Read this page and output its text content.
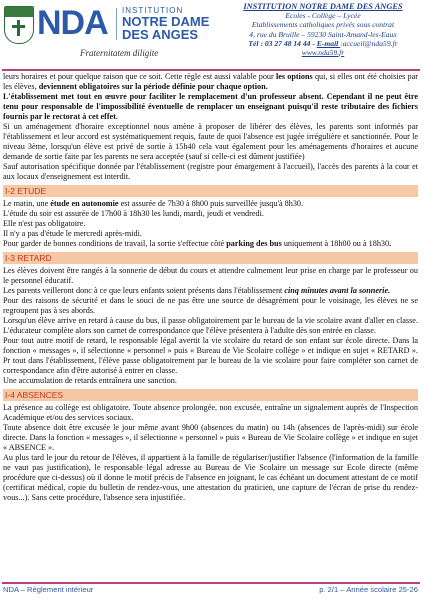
NDA INSTITUTION
NOTRE DAME DES ANGES
Fraternitatem diligite
INSTITUTION NOTRE DAME DES ANGES
Ecoles - Collège – Lycée
Etablissements catholiques privés sous contrat
4, rue du Bruille – 59230 Saint-Amand-les-Eaux
Tél : 03 27 48 14 44 - E-mail :accueil@nda59.fr
www.nda59.fr

leurs horaires et pour quelque raison que ce soit. Cette règle est aussi valable pour les options qui, si elles ont été choisies par les élèves, deviennent obligatoires sur la période définie pour chaque option.

L'établissement met tout en œuvre pour faciliter le remplacement d'un professeur absent. Cependant il ne peut être tenu pour responsable de l'impossibilité éventuelle de remplacer un enseignant puisqu'il reste tributaire des fichiers fournis par le rectorat à cet effet.

Si un aménagement d'horaire exceptionnel nous amène à proposer de libérer des élèves, les parents sont informés par l'établissement et leur accord est systématiquement requis, faute de quoi l'absence est jugée irrégulière et sanctionnée. Pour le niveau 3ème, lorsqu'un élève est privé de sortie à 15h40 cela vaut également pour les aménagements d'horaires et aucune demande de sortie faite par les parents ne sera acceptée (sauf si celle-ci est dûment justifiée)

Sauf autorisation spécifique donnée par l'établissement (registre pour émargement à l'accueil), l'accès des parents à la cour et aux locaux d'enseignement est interdit.

I-2 ETUDE

Le matin, une étude en autonomie est assurée de 7h30 à 8h00 puis surveillée jusqu'à 8h30.

L'étude du soir est assurée de 17h00 à 18h30 les lundi, mardi, jeudi et vendredi.

Elle n'est pas obligatoire.

Il n'y a pas d'étude le mercredi après-midi.

Pour garder de bonnes conditions de travail, la sortie s'effectue côté parking des bus uniquement à 18h00 ou à 18h30.

I-3 RETARD

Les élèves doivent être rangés à la sonnerie de début du cours et attendre calmement leur prise en charge par le professeur ou le personnel éducatif.

Les parents veilleront donc à ce que leurs enfants soient présents dans l'établissement cinq minutes avant la sonnerie.

Pour des raisons de sécurité et dans le souci de ne pas être une source de désagrément pour le voisinage, les élèves ne se regroupent pas à ses abords.

Lorsqu'un élève arrive en retard à cause du bus, il passe obligatoirement par le bureau de la vie scolaire avant d'aller en classe. L'éducateur complète alors son carnet de correspondance que l'élève présentera à l'adulte dès son entrée en classe.

Pour tout autre motif de retard, le responsable légal avertit la vie scolaire du retard de son enfant sur école directe. Dans la fonction « messages », il sélectionne « personnel » puis « Bureau de Vie Scolaire collège » et indique en sujet « RETARD ». Pr tout dans l'établissement, l'élève passe obligatoirement par le bureau de la vie scolaire pour faire compléter son carnet de correspondance afin d'être autorisé à entrer en classe.

Une accumulation de retards entraînera une sanction.

I-4 ABSENCES

La présence au collège est obligatoire. Toute absence prolongée, non excusée, entraîne un signalement auprès de l'Inspection Académique et/ou des services sociaux.

Toute absence doit être excusée le jour même avant 9h00 (absences du matin) ou 14h (absences de l'après-midi) sur école directe. Dans la fonction « messages », il sélectionne « personnel » puis « Bureau de Vie Scolaire collège » et indique en sujet « ABSENCE ».

Au plus tard le jour du retour de l'élèves, il appartient à la famille de régulariser/justifier l'absence (l'information de la famille ne vaut pas justification), le responsable légal adresse au Bureau de Vie Scolaire un message sur Ecole directe (même procédure que ci-dessus) où il donne le motif précis de l'absence en joignant, le cas échéant un document attestant de ce motif (certificat médical, copie du bulletin de rendez-vous, une attestation du praticien, une capture de l'écran de prise du rendez-vous...). Sans cette procédure, l'absence sera injustifiée.

NDA – Règlement intérieur	p. 2/1 – Année scolaire 25-26
